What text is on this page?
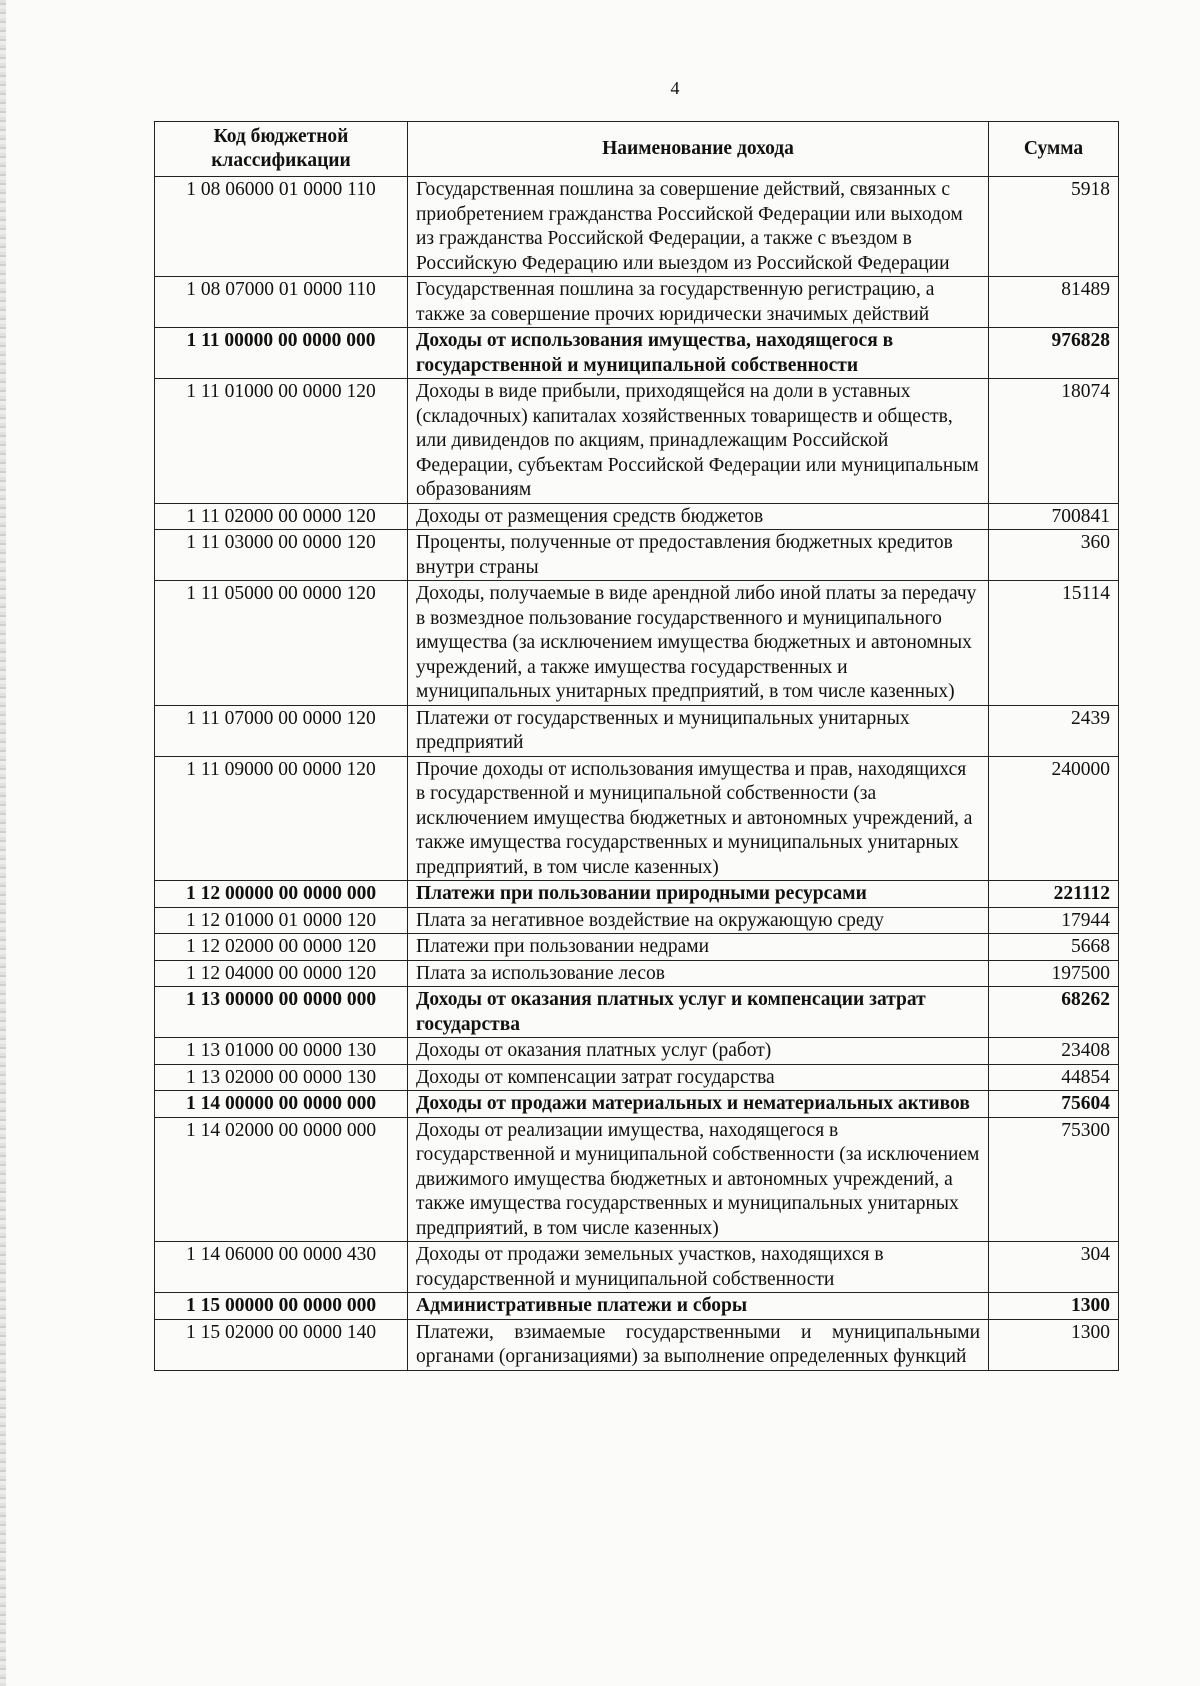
4
Код бюджетной классификации	Наименование дохода	Сумма
1 08 06000 01 0000 110	Государственная пошлина за совершение действий, связанных с приобретением гражданства Российской Федерации или выходом из гражданства Российской Федерации, а также с въездом в Российскую Федерацию или выездом из Российской Федерации	5918
1 08 07000 01 0000 110	Государственная пошлина за государственную регистрацию, а также за совершение прочих юридически значимых действий	81489
1 11 00000 00 0000 000	Доходы от использования имущества, находящегося в государственной и муниципальной собственности	976828
1 11 01000 00 0000 120	Доходы в виде прибыли, приходящейся на доли в уставных (складочных) капиталах хозяйственных товариществ и обществ, или дивидендов по акциям, принадлежащим Российской Федерации, субъектам Российской Федерации или муниципальным образованиям	18074
1 11 02000 00 0000 120	Доходы от размещения средств бюджетов	700841
1 11 03000 00 0000 120	Проценты, полученные от предоставления бюджетных кредитов внутри страны	360
1 11 05000 00 0000 120	Доходы, получаемые в виде арендной либо иной платы за передачу в возмездное пользование государственного и муниципального имущества (за исключением имущества бюджетных и автономных учреждений, а также имущества государственных и муниципальных унитарных предприятий, в том числе казенных)	15114
1 11 07000 00 0000 120	Платежи от государственных и муниципальных унитарных предприятий	2439
1 11 09000 00 0000 120	Прочие доходы от использования имущества и прав, находящихся в государственной и муниципальной собственности (за исключением имущества бюджетных и автономных учреждений, а также имущества государственных и муниципальных унитарных предприятий, в том числе казенных)	240000
1 12 00000 00 0000 000	Платежи при пользовании природными ресурсами	221112
1 12 01000 01 0000 120	Плата за негативное воздействие на окружающую среду	17944
1 12 02000 00 0000 120	Платежи при пользовании недрами	5668
1 12 04000 00 0000 120	Плата за использование лесов	197500
1 13 00000 00 0000 000	Доходы от оказания платных услуг и компенсации затрат государства	68262
1 13 01000 00 0000 130	Доходы от оказания платных услуг (работ)	23408
1 13 02000 00 0000 130	Доходы от компенсации затрат государства	44854
1 14 00000 00 0000 000	Доходы от продажи материальных и нематериальных активов	75604
1 14 02000 00 0000 000	Доходы от реализации имущества, находящегося в государственной и муниципальной собственности (за исключением движимого имущества бюджетных и автономных учреждений, а также имущества государственных и муниципальных унитарных предприятий, в том числе казенных)	75300
1 14 06000 00 0000 430	Доходы от продажи земельных участков, находящихся в государственной и муниципальной собственности	304
1 15 00000 00 0000 000	Административные платежи и сборы	1300
1 15 02000 00 0000 140	Платежи, взимаемые государственными и муниципальными органами (организациями) за выполнение определенных функций	1300
